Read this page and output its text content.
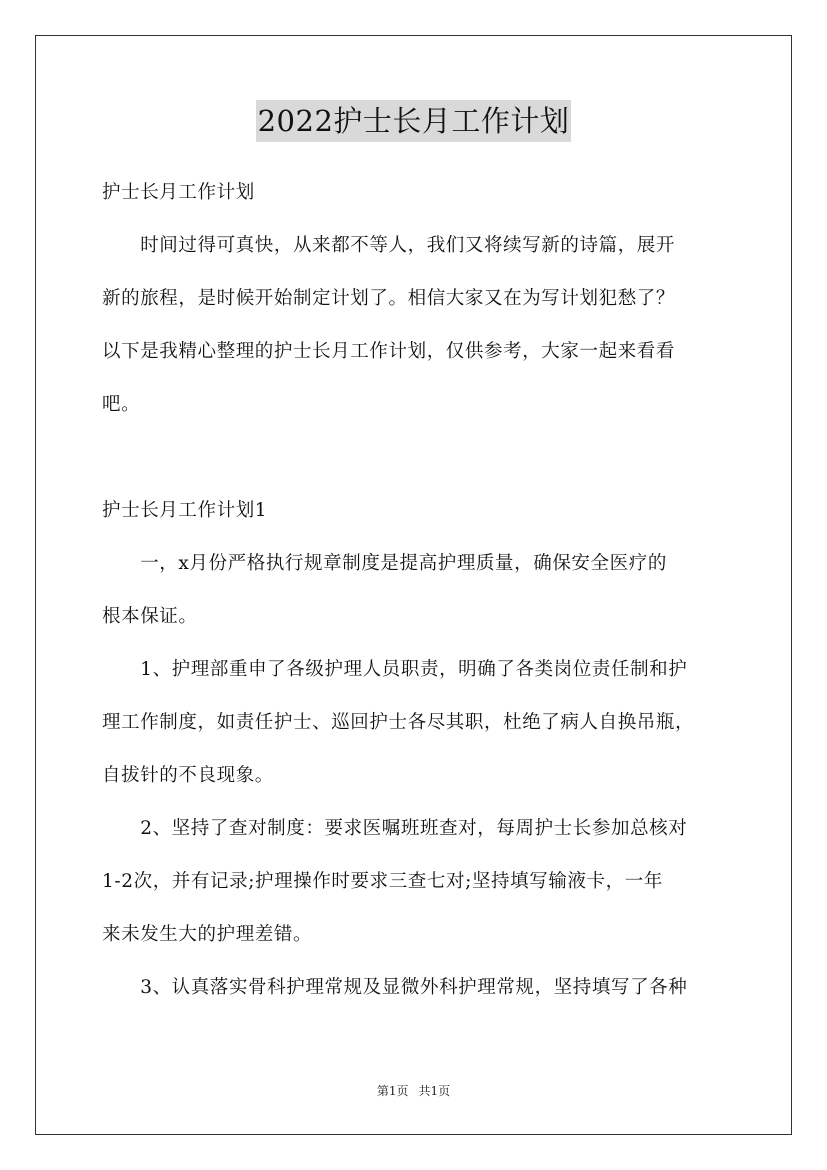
2022护士长月工作计划
护士长月工作计划
　　时间过得可真快，从来都不等人，我们又将续写新的诗篇，展开
新的旅程，是时候开始制定计划了。相信大家又在为写计划犯愁了？
以下是我精心整理的护士长月工作计划，仅供参考，大家一起来看看
吧。
护士长月工作计划1
　　一，x月份严格执行规章制度是提高护理质量，确保安全医疗的
根本保证。
　　1、护理部重申了各级护理人员职责，明确了各类岗位责任制和护
理工作制度，如责任护士、巡回护士各尽其职，杜绝了病人自换吊瓶，
自拔针的不良现象。
　　2、坚持了查对制度：要求医嘱班班查对，每周护士长参加总核对
1-2次，并有记录;护理操作时要求三查七对;坚持填写输液卡，一年
来未发生大的护理差错。
　　3、认真落实骨科护理常规及显微外科护理常规，坚持填写了各种
第1页 共1页
